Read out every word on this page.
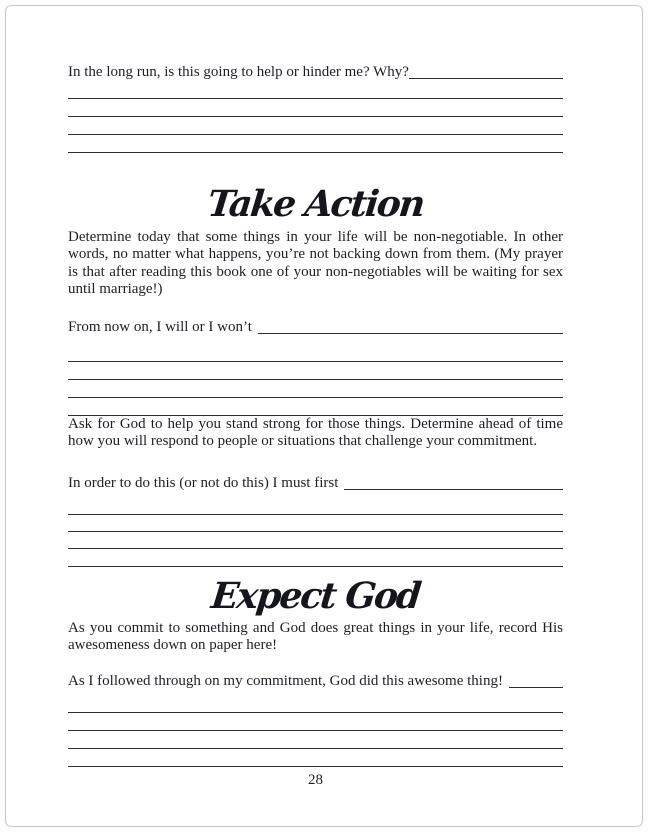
In the long run, is this going to help or hinder me? Why?
Take Action

Determine today that some things in your life will be non-negotiable. In other words, no matter what happens, you’re not backing down from them. (My prayer is that after reading this book one of your non-negotiables will be waiting for sex until marriage!)

From now on, I will or I won’t

Ask for God to help you stand strong for those things. Determine ahead of time how you will respond to people or situations that challenge your commitment.

In order to do this (or not do this) I must first
Expect God

As you commit to something and God does great things in your life, record His awesomeness down on paper here!

As I followed through on my commitment, God did this awesome thing!
28
